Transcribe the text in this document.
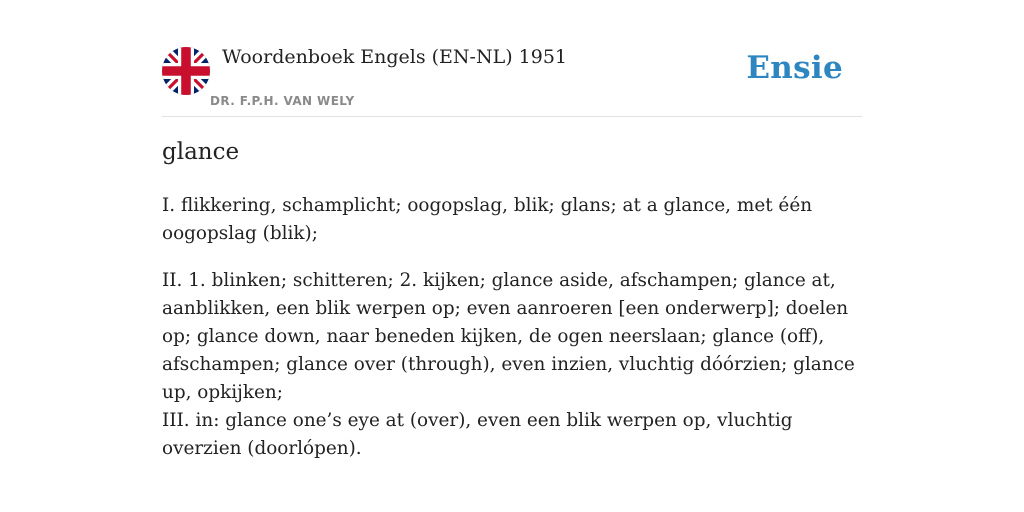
Woordenboek Engels (EN-NL) 1951
DR. F.P.H. VAN WELY
Ensie
glance
I. flikkering, schamplicht; oogopslag, blik; glans; at a glance, met één oogopslag (blik);
II. 1. blinken; schitteren; 2. kijken; glance aside, afschampen; glance at, aanblikken, een blik werpen op; even aanroeren [een onderwerp]; doelen op; glance down, naar beneden kijken, de ogen neerslaan; glance (off), afschampen; glance over (through), even inzien, vluchtig dóórzien; glance up, opkijken;
III. in: glance one’s eye at (over), even een blik werpen op, vluchtig overzien (doorlópen).
